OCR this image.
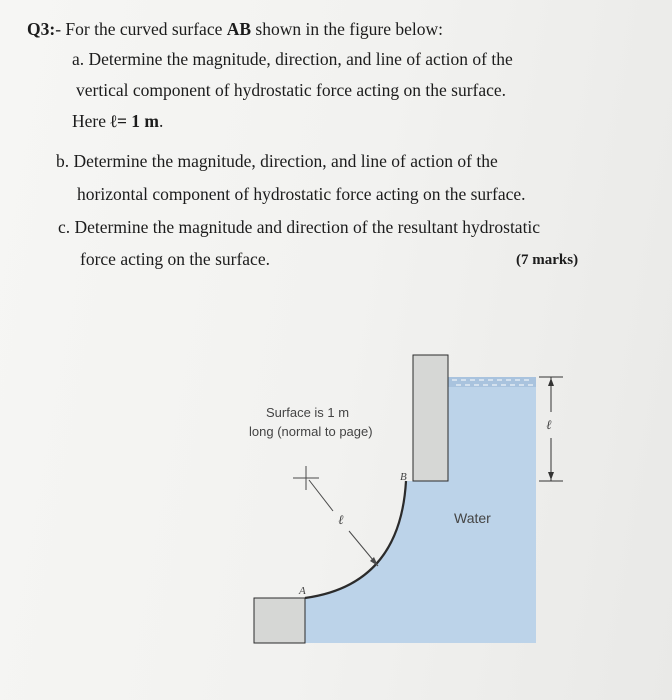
Q3:- For the curved surface AB shown in the figure below:
a. Determine the magnitude, direction, and line of action of the
vertical component of hydrostatic force acting on the surface.
Here ℓ= 1 m.
b. Determine the magnitude, direction, and line of action of the
horizontal component of hydrostatic force acting on the surface.
c. Determine the magnitude and direction of the resultant hydrostatic
force acting on the surface.	(7 marks)
Surface is 1 m
long (normal to page)
ℓ
ℓ
A
B
Water
